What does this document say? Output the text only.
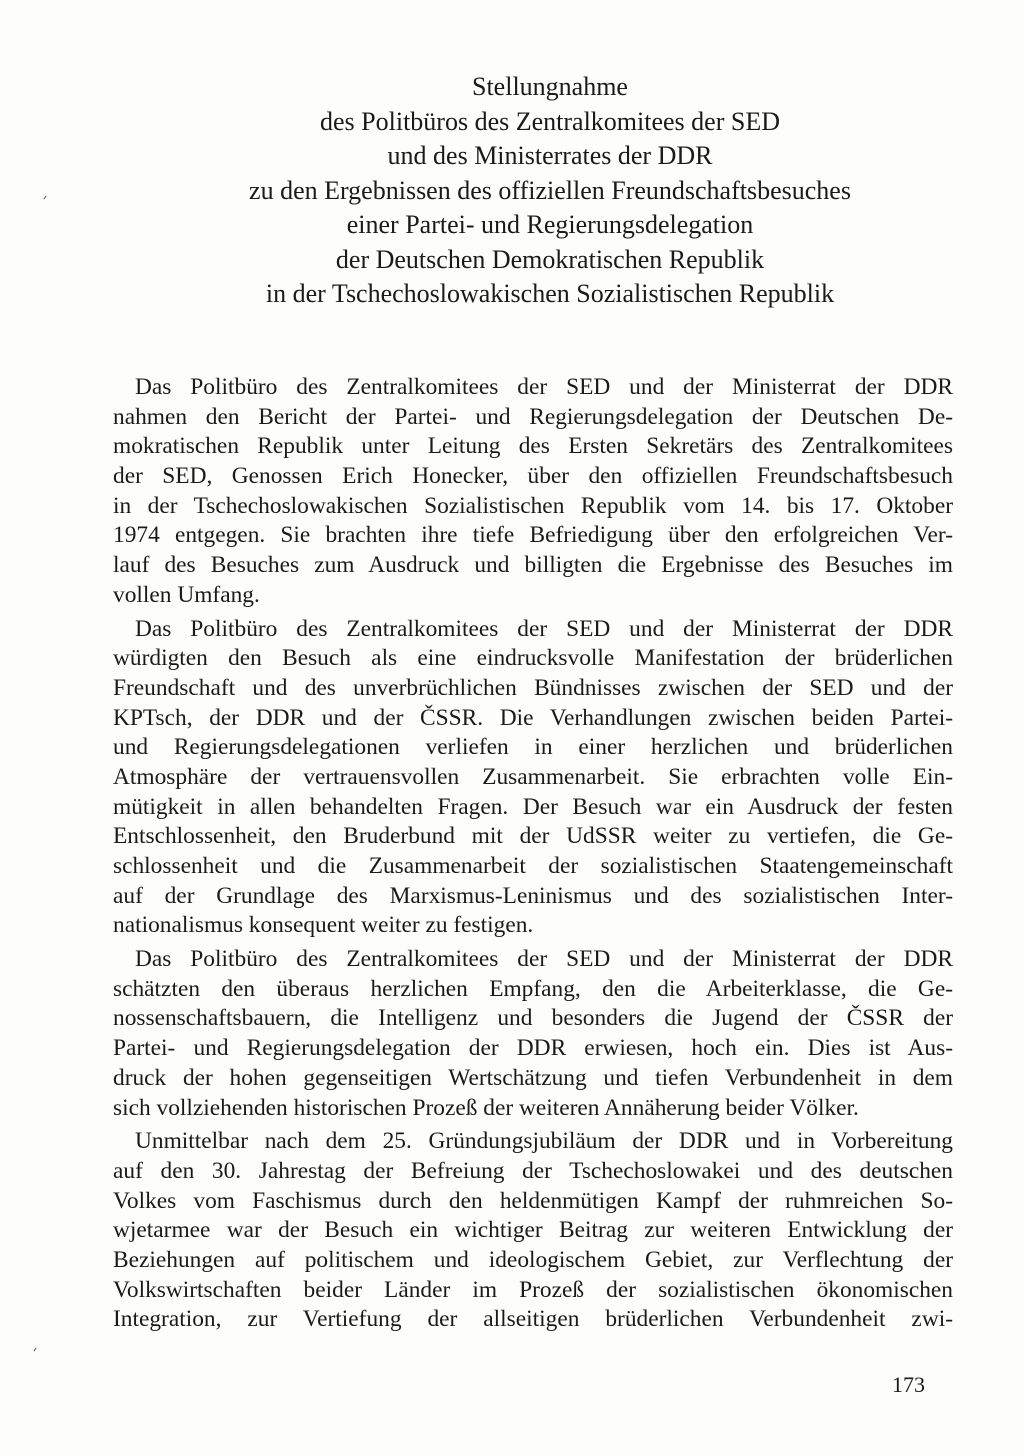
Stellungnahme
des Politbüros des Zentralkomitees der SED
und des Ministerrates der DDR
zu den Ergebnissen des offiziellen Freundschaftsbesuches
einer Partei- und Regierungsdelegation
der Deutschen Demokratischen Republik
in der Tschechoslowakischen Sozialistischen Republik
Das Politbüro des Zentralkomitees der SED und der Ministerrat der DDR
nahmen den Bericht der Partei- und Regierungsdelegation der Deutschen De-
mokratischen Republik unter Leitung des Ersten Sekretärs des Zentralkomitees
der SED, Genossen Erich Honecker, über den offiziellen Freundschaftsbesuch
in der Tschechoslowakischen Sozialistischen Republik vom 14. bis 17. Oktober
1974 entgegen. Sie brachten ihre tiefe Befriedigung über den erfolgreichen Ver-
lauf des Besuches zum Ausdruck und billigten die Ergebnisse des Besuches im
vollen Umfang.
Das Politbüro des Zentralkomitees der SED und der Ministerrat der DDR
würdigten den Besuch als eine eindrucksvolle Manifestation der brüderlichen
Freundschaft und des unverbrüchlichen Bündnisses zwischen der SED und der
KPTsch, der DDR und der ČSSR. Die Verhandlungen zwischen beiden Partei-
und Regierungsdelegationen verliefen in einer herzlichen und brüderlichen
Atmosphäre der vertrauensvollen Zusammenarbeit. Sie erbrachten volle Ein-
mütigkeit in allen behandelten Fragen. Der Besuch war ein Ausdruck der festen
Entschlossenheit, den Bruderbund mit der UdSSR weiter zu vertiefen, die Ge-
schlossenheit und die Zusammenarbeit der sozialistischen Staatengemeinschaft
auf der Grundlage des Marxismus-Leninismus und des sozialistischen Inter-
nationalismus konsequent weiter zu festigen.
Das Politbüro des Zentralkomitees der SED und der Ministerrat der DDR
schätzten den überaus herzlichen Empfang, den die Arbeiterklasse, die Ge-
nossenschaftsbauern, die Intelligenz und besonders die Jugend der ČSSR der
Partei- und Regierungsdelegation der DDR erwiesen, hoch ein. Dies ist Aus-
druck der hohen gegenseitigen Wertschätzung und tiefen Verbundenheit in dem
sich vollziehenden historischen Prozeß der weiteren Annäherung beider Völker.
Unmittelbar nach dem 25. Gründungsjubiläum der DDR und in Vorbereitung
auf den 30. Jahrestag der Befreiung der Tschechoslowakei und des deutschen
Volkes vom Faschismus durch den heldenmütigen Kampf der ruhmreichen So-
wjetarmee war der Besuch ein wichtiger Beitrag zur weiteren Entwicklung der
Beziehungen auf politischem und ideologischem Gebiet, zur Verflechtung der
Volkswirtschaften beider Länder im Prozeß der sozialistischen ökonomischen
Integration, zur Vertiefung der allseitigen brüderlichen Verbundenheit zwi-
173
